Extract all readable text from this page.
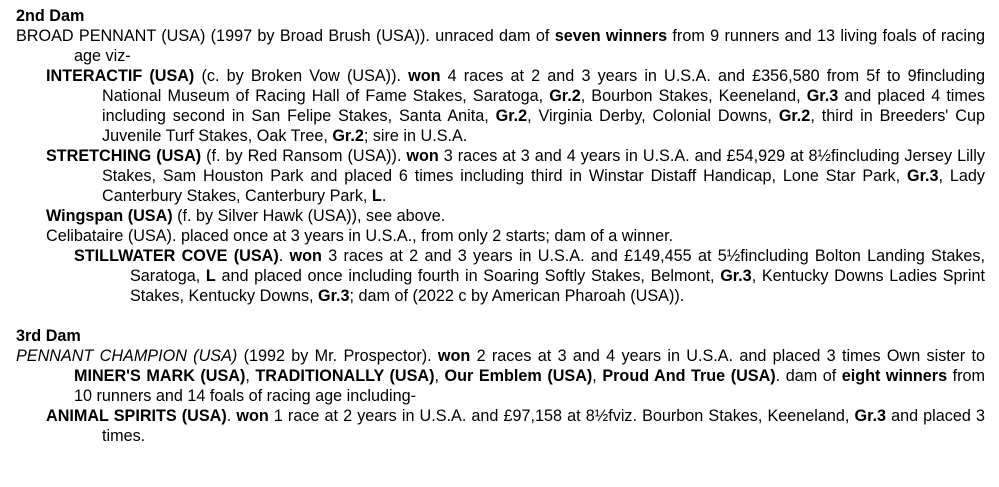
2nd Dam

BROAD PENNANT (USA) (1997 by Broad Brush (USA)). unraced dam of seven winners from 9 runners and 13 living foals of racing age viz-

INTERACTIF (USA) (c. by Broken Vow (USA)). won 4 races at 2 and 3 years in U.S.A. and £356,580 from 5f to 9fincluding National Museum of Racing Hall of Fame Stakes, Saratoga, Gr.2, Bourbon Stakes, Keeneland, Gr.3 and placed 4 times including second in San Felipe Stakes, Santa Anita, Gr.2, Virginia Derby, Colonial Downs, Gr.2, third in Breeders' Cup Juvenile Turf Stakes, Oak Tree, Gr.2; sire in U.S.A.

STRETCHING (USA) (f. by Red Ransom (USA)). won 3 races at 3 and 4 years in U.S.A. and £54,929 at 8½fincluding Jersey Lilly Stakes, Sam Houston Park and placed 6 times including third in Winstar Distaff Handicap, Lone Star Park, Gr.3, Lady Canterbury Stakes, Canterbury Park, L.

Wingspan (USA) (f. by Silver Hawk (USA)), see above.

Celibataire (USA). placed once at 3 years in U.S.A., from only 2 starts; dam of a winner.

STILLWATER COVE (USA). won 3 races at 2 and 3 years in U.S.A. and £149,455 at 5½fincluding Bolton Landing Stakes, Saratoga, L and placed once including fourth in Soaring Softly Stakes, Belmont, Gr.3, Kentucky Downs Ladies Sprint Stakes, Kentucky Downs, Gr.3; dam of (2022 c by American Pharoah (USA)).

3rd Dam

PENNANT CHAMPION (USA) (1992 by Mr. Prospector). won 2 races at 3 and 4 years in U.S.A. and placed 3 times Own sister to MINER'S MARK (USA), TRADITIONALLY (USA), Our Emblem (USA), Proud And True (USA). dam of eight winners from 10 runners and 14 foals of racing age including-

ANIMAL SPIRITS (USA). won 1 race at 2 years in U.S.A. and £97,158 at 8½fviz. Bourbon Stakes, Keeneland, Gr.3 and placed 3 times.
